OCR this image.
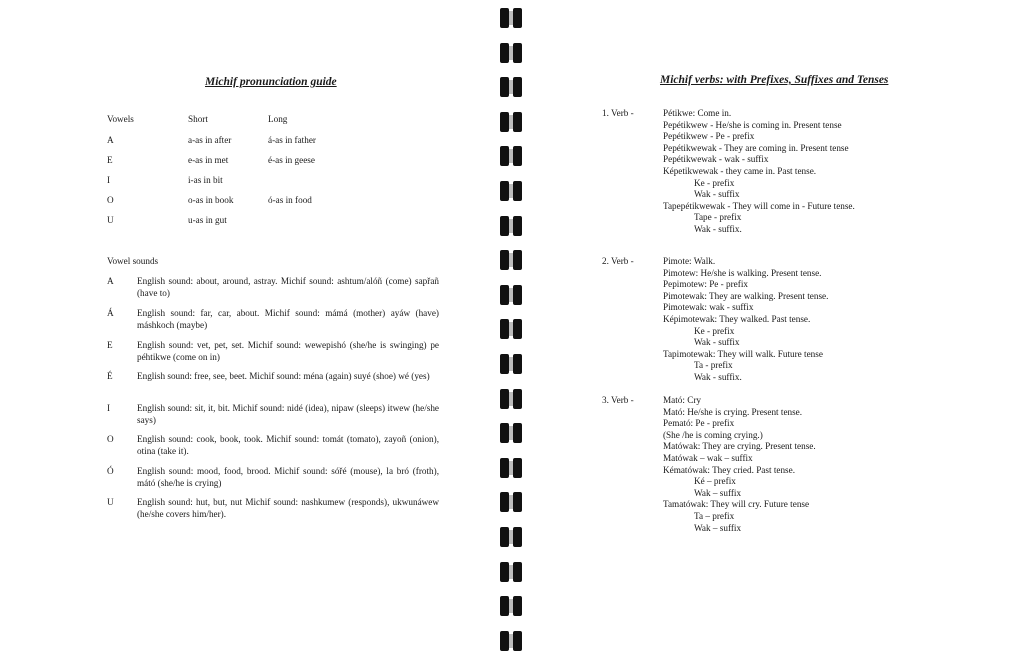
Michif pronunciation guide
Vowels	Short	Long
A	a-as in after	á-as in father
E	e-as in met	é-as in geese
I	i-as in bit
O	o-as in book	ó-as in food
U	u-as in gut
Vowel sounds
A	English sound: about, around, astray. Michif sound: ashtum/alóñ (come) sapřañ (have to)
Á	English sound: far, car, about. Michif sound: mámá (mother) ayáw (have) máshkoch (maybe)
E	English sound: vet, pet, set. Michif sound: wewepishó (she/he is swinging) pe péhtikwe (come on in)
É	English sound: free, see, beet. Michif sound: ména (again) suyé (shoe) wé (yes)
I	English sound: sit, it, bit. Michif sound: nidé (idea), nipaw (sleeps) itwew (he/she says)
O	English sound: cook, book, took. Michif sound: tomát (tomato), zayoñ (onion), otina (take it).
Ó	English sound: mood, food, brood. Michif sound: sóřé (mouse), la bró (froth), mátó (she/he is crying)
U	English sound: hut, but, nut Michif sound: nashkumew (responds), ukwunáwew (he/she covers him/her).
Michif verbs: with Prefixes, Suffixes and Tenses
1. Verb -	Pétikwe: Come in.
Pepétikwew - He/she is coming in. Present tense
Pepétikwew - Pe - prefix
Pepétikwewak - They are coming in. Present tense
Pepétikwewak - wak - suffix
Képetikwewak - they came in. Past tense.
Ke - prefix
Wak - suffix
Tapepétikwewak - They will come in - Future tense.
Tape - prefix
Wak - suffix.
2. Verb -	Pimote: Walk.
Pimotew: He/she is walking. Present tense.
Pepimotew: Pe - prefix
Pimotewak: They are walking. Present tense.
Pimotewak: wak - suffix
Képimotewak: They walked. Past tense.
Ke - prefix
Wak - suffix
Tapimotewak: They will walk. Future tense
Ta - prefix
Wak - suffix.
3. Verb -	Mató: Cry
Mató: He/she is crying. Present tense.
Pemató: Pe - prefix
(She /he is coming crying.)
Matówak: They are crying. Present tense.
Matówak – wak – suffix
Kématówak: They cried. Past tense.
Ké – prefix
Wak – suffix
Tamatówak: They will cry. Future tense
Ta – prefix
Wak – suffix
